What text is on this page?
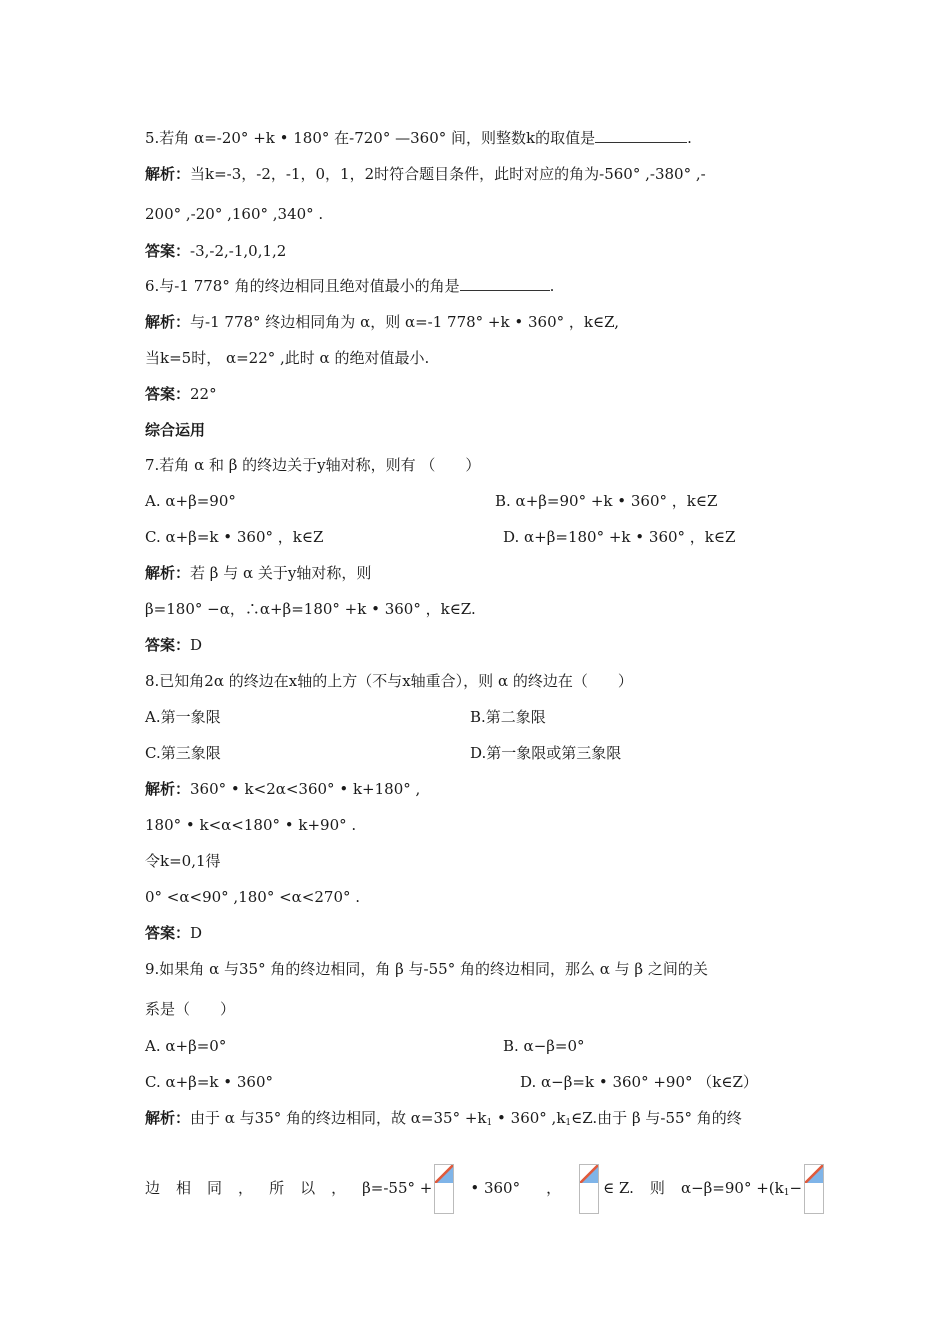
5.若角 α=-20° +k • 180° 在-720° —360° 间，则整数k的取值是	.
解析：当k=-3，-2，-1，0，1，2时符合题目条件，此时对应的角为-560° ,-380° ,-
200° ,-20° ,160° ,340° .
答案：-3,-2,-1,0,1,2
6.与-1 778° 角的终边相同且绝对值最小的角是	.
解析：与-1 778° 终边相同角为 α，则 α=-1 778° +k • 360° ，k∈Z,
当k=5时， α=22° ,此时 α 的绝对值最小.
答案：22°
综合运用
7.若角 α 和 β 的终边关于y轴对称，则有 （　　）
A. α+β=90°	B. α+β=90° +k • 360° ，k∈Z
C. α+β=k • 360° ，k∈Z	D. α+β=180° +k • 360° ，k∈Z
解析：若 β 与 α 关于y轴对称，则
β=180° −α，∴α+β=180° +k • 360° ，k∈Z.
答案：D
8.已知角2α 的终边在x轴的上方（不与x轴重合），则 α 的终边在（　　）
A.第一象限	B.第二象限
C.第三象限	D.第一象限或第三象限
解析：360° • k<2α<360° • k+180° ,
180° • k<α<180° • k+90° .
令k=0,1得
0° <α<90° ,180° <α<270° .
答案：D
9.如果角 α 与35° 角的终边相同，角 β 与-55° 角的终边相同，那么 α 与 β 之间的关
系是（　　）
A. α+β=0°	B. α−β=0°
C. α+β=k • 360°	D. α−β=k • 360° +90° （k∈Z）
解析：由于 α 与35° 角的终边相同，故 $\alpha=35^\circ +k_1$ • 360° $,k_1\in Z$.由于 β 与-55° 角的终
边 相 同 ， 所 以 ， β=-55° +	• 360° ，	∈ Z. 则 $\alpha-\beta=90^\circ +(k_1-$
